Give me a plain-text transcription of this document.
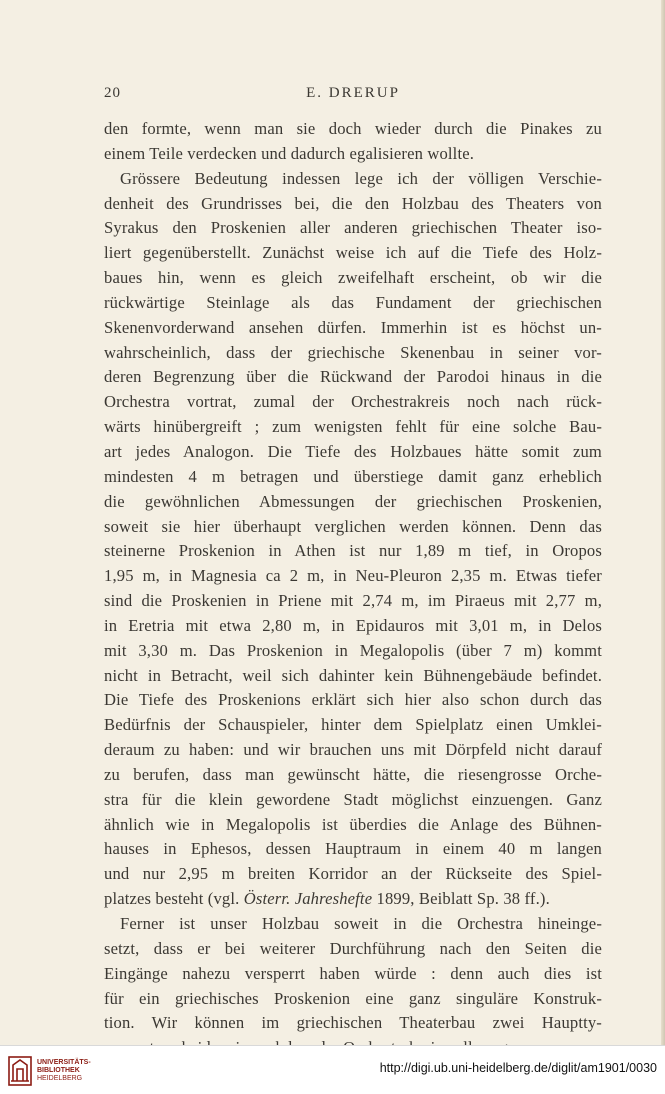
20	E. DRERUP
den formte, wenn man sie doch wieder durch die Pinakes zu
einem Teile verdecken und dadurch egalisieren wollte.
Grössere Bedeutung indessen lege ich der völligen Verschie-
denheit des Grundrisses bei, die den Holzbau des Theaters von
Syrakus den Proskenien aller anderen griechischen Theater iso-
liert gegenüberstellt. Zunächst weise ich auf die Tiefe des Holz-
baues hin, wenn es gleich zweifelhaft erscheint, ob wir die
rückwärtige Steinlage als das Fundament der griechischen
Skenenvorderwand ansehen dürfen. Immerhin ist es höchst un-
wahrscheinlich, dass der griechische Skenenbau in seiner vor-
deren Begrenzung über die Rückwand der Parodoi hinaus in die
Orchestra vortrat, zumal der Orchestrakreis noch nach rück-
wärts hinübergreift ; zum wenigsten fehlt für eine solche Bau-
art jedes Analogon. Die Tiefe des Holzbaues hätte somit zum
mindesten 4 m betragen und überstiege damit ganz erheblich
die gewöhnlichen Abmessungen der griechischen Proskenien,
soweit sie hier überhaupt verglichen werden können. Denn das
steinerne Proskenion in Athen ist nur 1,89 m tief, in Oropos
1,95 m, in Magnesia ca 2 m, in Neu-Pleuron 2,35 m. Etwas tiefer
sind die Proskenien in Priene mit 2,74 m, im Piraeus mit 2,77 m,
in Eretria mit etwa 2,80 m, in Epidauros mit 3,01 m, in Delos
mit 3,30 m. Das Proskenion in Megalopolis (über 7 m) kommt
nicht in Betracht, weil sich dahinter kein Bühnengebäude befindet.
Die Tiefe des Proskenions erklärt sich hier also schon durch das
Bedürfnis der Schauspieler, hinter dem Spielplatz einen Umklei-
deraum zu haben: und wir brauchen uns mit Dörpfeld nicht darauf
zu berufen, dass man gewünscht hätte, die riesengrosse Orche-
stra für die klein gewordene Stadt möglichst einzuengen. Ganz
ähnlich wie in Megalopolis ist überdies die Anlage des Bühnen-
hauses in Ephesos, dessen Hauptraum in einem 40 m langen
und nur 2,95 m breiten Korridor an der Rückseite des Spiel-
platzes besteht (vgl. Österr. Jahreshefte 1899, Beiblatt Sp. 38 ff.).
Ferner ist unser Holzbau soweit in die Orchestra hineinge-
setzt, dass er bei weiterer Durchführung nach den Seiten die
Eingänge nahezu versperrt haben würde : denn auch dies ist
für ein griechisches Proskenion eine ganz singuläre Konstruk-
tion. Wir können im griechischen Theaterbau zwei Hauptty-
UNIVERSITÄTS-
BIBLIOTHEK
HEIDELBERG
http://digi.ub.uni-heidelberg.de/diglit/am1901/0030
